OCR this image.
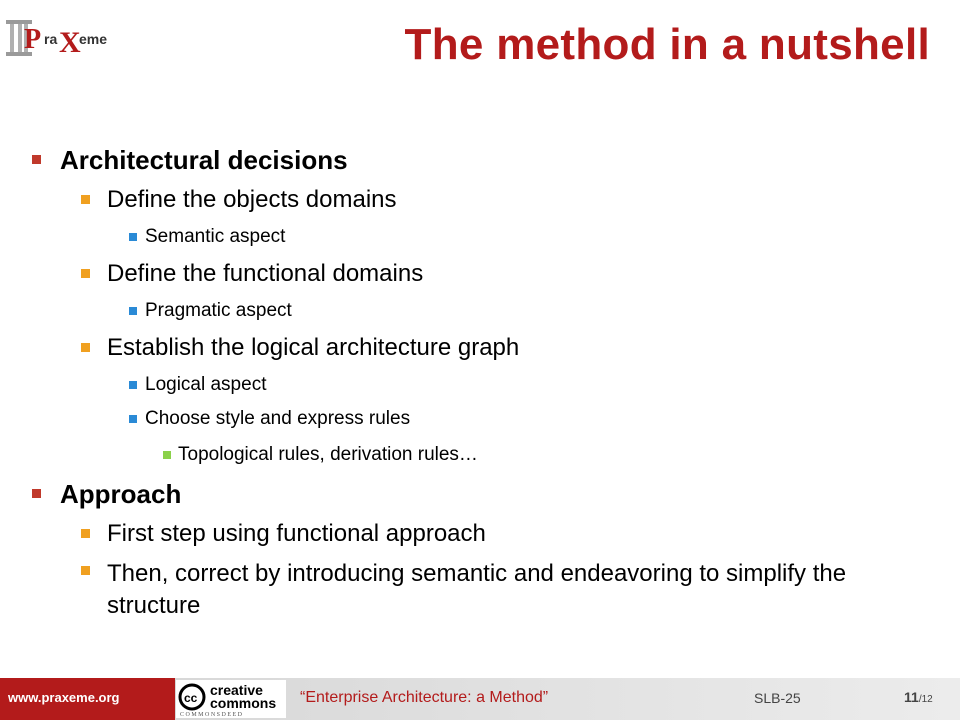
P ra X
eme	The method in a nutshell
Architectural decisions
Define the objects domains
Semantic aspect
Define the functional domains
Pragmatic aspect
Establish the logical architecture graph
Logical aspect
Choose style and express rules
Topological rules, derivation rules…
Approach
First step using functional approach
Then, correct by introducing semantic and endeavoring to simplify the structure
www.praxeme.org	cc creative
commons
C O M M O N S D E E D
“Enterprise Architecture: a Method”	SLB-25	11/12
